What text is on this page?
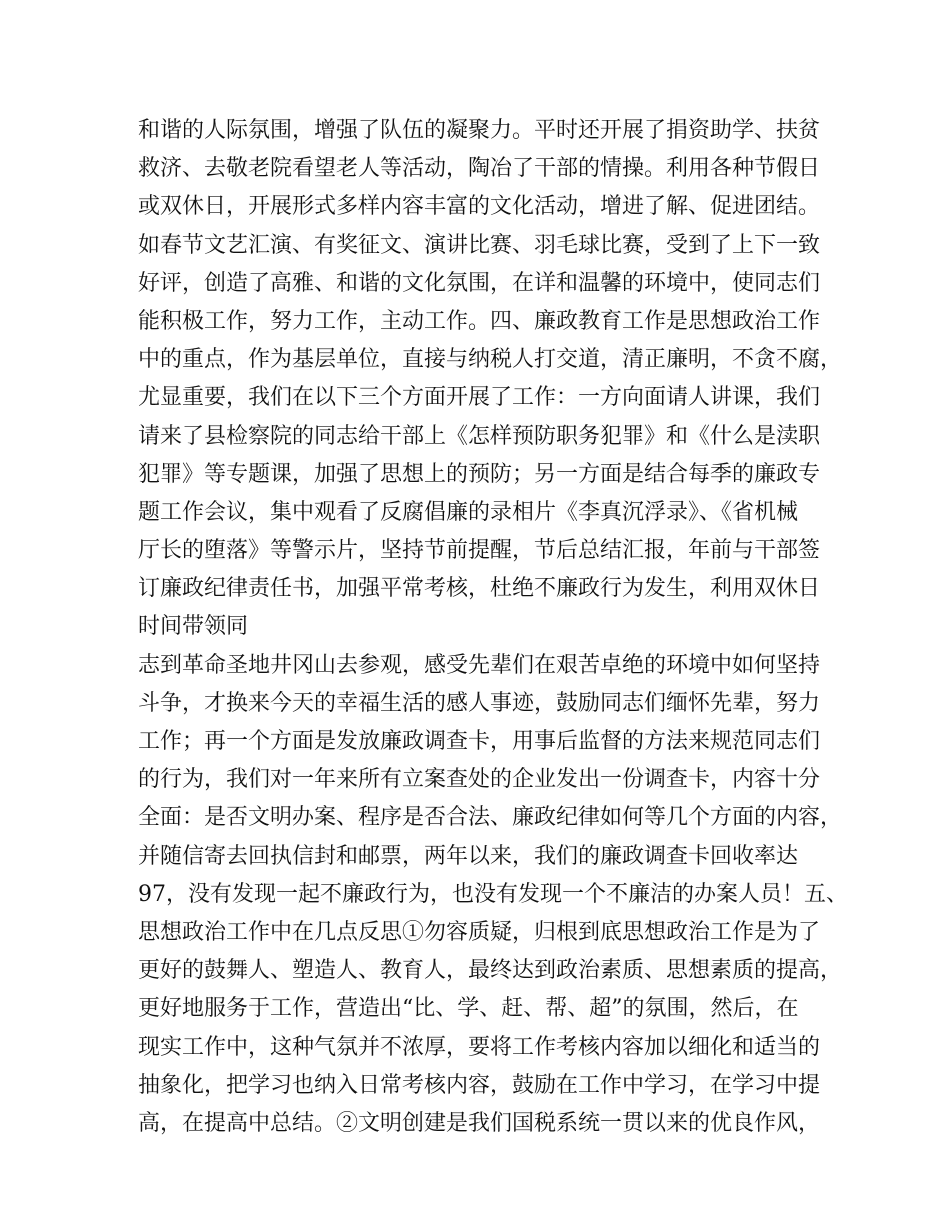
和谐的人际氛围，增强了队伍的凝聚力。平时还开展了捐资助学、扶贫
救济、去敬老院看望老人等活动，陶冶了干部的情操。利用各种节假日
或双休日，开展形式多样内容丰富的文化活动，增进了解、促进团结。
如春节文艺汇演、有奖征文、演讲比赛、羽毛球比赛，受到了上下一致
好评，创造了高雅、和谐的文化氛围，在详和温馨的环境中，使同志们
能积极工作，努力工作，主动工作。四、廉政教育工作是思想政治工作
中的重点，作为基层单位，直接与纳税人打交道，清正廉明，不贪不腐，
尤显重要，我们在以下三个方面开展了工作：一方向面请人讲课，我们
请来了县检察院的同志给干部上《怎样预防职务犯罪》和《什么是渎职
犯罪》等专题课，加强了思想上的预防；另一方面是结合每季的廉政专
题工作会议，集中观看了反腐倡廉的录相片《李真沉浮录》、《省机械
厅长的堕落》等警示片，坚持节前提醒，节后总结汇报，年前与干部签
订廉政纪律责任书，加强平常考核，杜绝不廉政行为发生，利用双休日
时间带领同
志到革命圣地井冈山去参观，感受先辈们在艰苦卓绝的环境中如何坚持
斗争，才换来今天的幸福生活的感人事迹，鼓励同志们缅怀先辈，努力
工作；再一个方面是发放廉政调查卡，用事后监督的方法来规范同志们
的行为，我们对一年来所有立案查处的企业发出一份调查卡，内容十分
全面：是否文明办案、程序是否合法、廉政纪律如何等几个方面的内容，
并随信寄去回执信封和邮票，两年以来，我们的廉政调查卡回收率达
97，没有发现一起不廉政行为，也没有发现一个不廉洁的办案人员！五、
思想政治工作中在几点反思①勿容质疑，归根到底思想政治工作是为了
更好的鼓舞人、塑造人、教育人，最终达到政治素质、思想素质的提高，
更好地服务于工作，营造出“比、学、赶、帮、超”的氛围，然后，在
现实工作中，这种气氛并不浓厚，要将工作考核内容加以细化和适当的
抽象化，把学习也纳入日常考核内容，鼓励在工作中学习，在学习中提
高，在提高中总结。②文明创建是我们国税系统一贯以来的优良作风，
